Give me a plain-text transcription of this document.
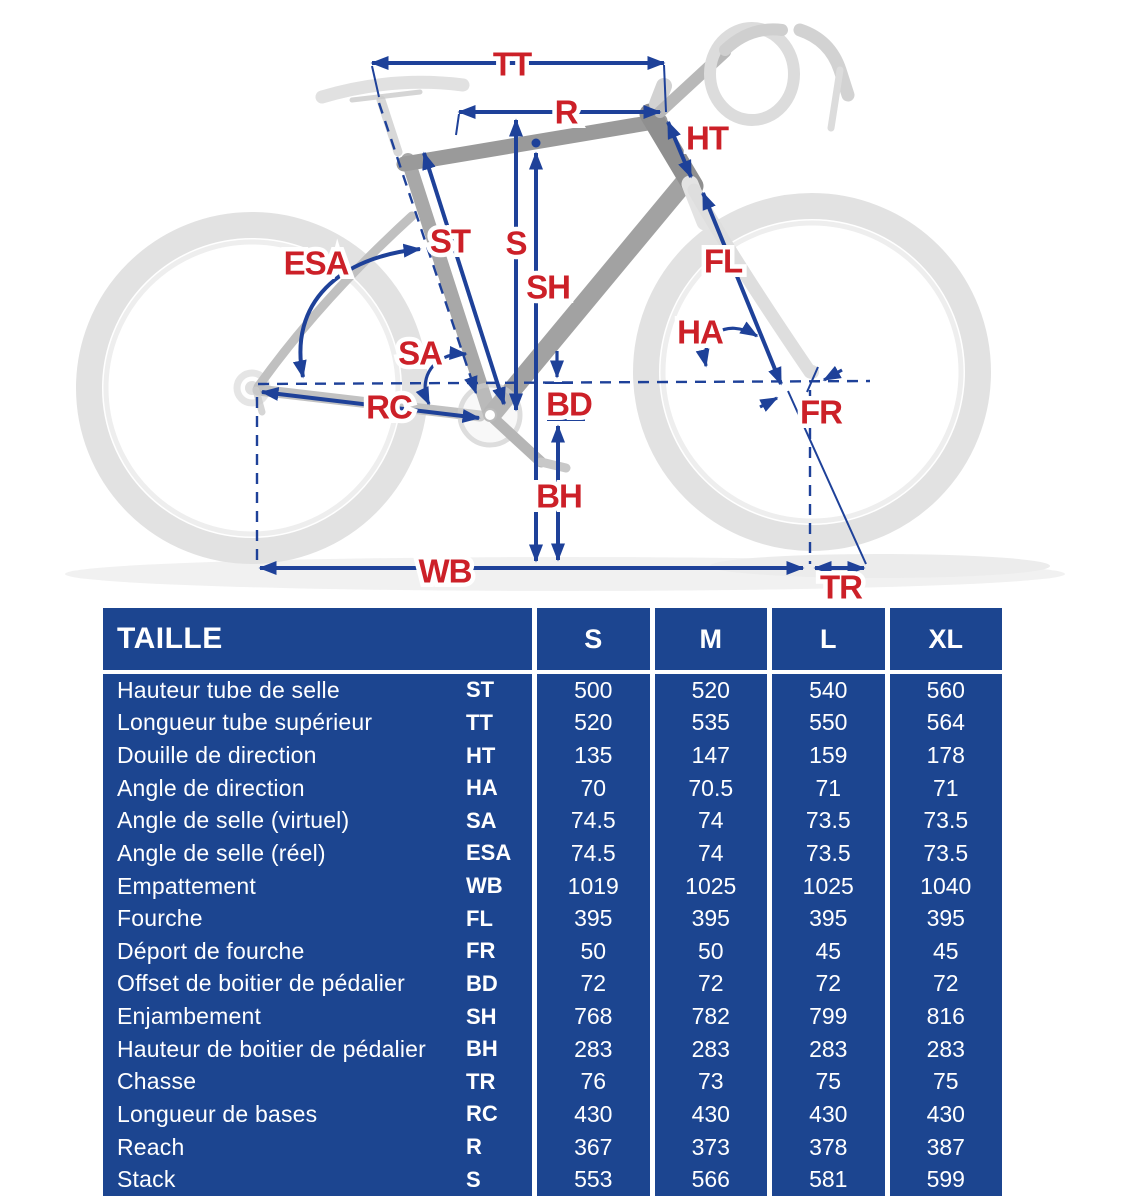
TT
R
HT
ST S
SH
FL
ESA
HA
SA
RC	BD	FR
BH
WB	TR
TAILLE	S	M	L	XL
Hauteur tube de selle	ST	500	520	540	560
Longueur tube supérieur	TT	520	535	550	564
Douille de direction	HT	135	147	159	178
Angle de direction	HA	70	70.5	71	71
Angle de selle (virtuel)	SA	74.5	74	73.5	73.5
Angle de selle (réel)	ESA	74.5	74	73.5	73.5
Empattement	WB	1019	1025	1025	1040
Fourche	FL	395	395	395	395
Déport de fourche	FR	50	50	45	45
Offset de boitier de pédalier	BD	72	72	72	72
Enjambement	SH	768	782	799	816
Hauteur de boitier de pédalier	BH	283	283	283	283
Chasse	TR	76	73	75	75
Longueur de bases	RC	430	430	430	430
Reach	R	367	373	378	387
Stack	S	553	566	581	599
